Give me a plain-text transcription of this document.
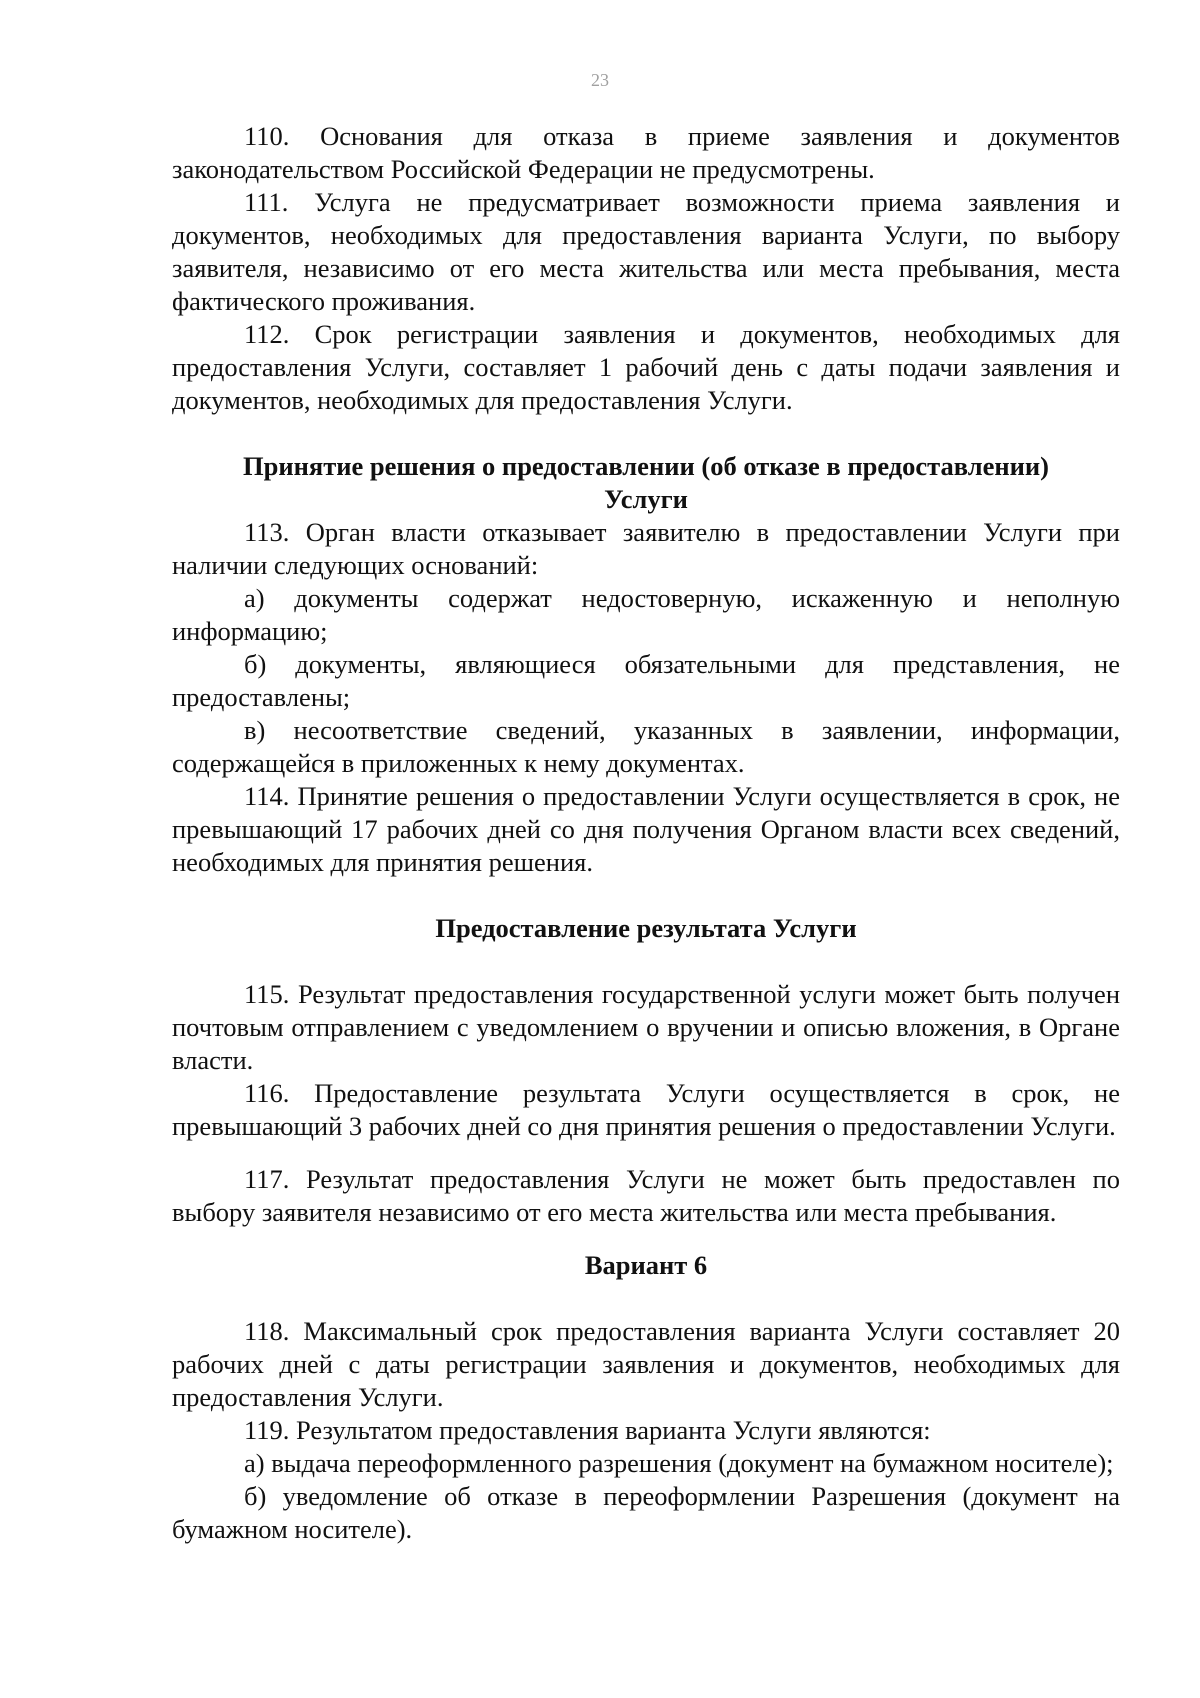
23

110. Основания для отказа в приеме заявления и документов законодательством Российской Федерации не предусмотрены.

111. Услуга не предусматривает возможности приема заявления и документов, необходимых для предоставления варианта Услуги, по выбору заявителя, независимо от его места жительства или места пребывания, места фактического проживания.

112. Срок регистрации заявления и документов, необходимых для предоставления Услуги, составляет 1 рабочий день с даты подачи заявления и документов, необходимых для предоставления Услуги.

Принятие решения о предоставлении (об отказе в предоставлении) Услуги

113. Орган власти отказывает заявителю в предоставлении Услуги при наличии следующих оснований:

а) документы содержат недостоверную, искаженную и неполную информацию;

б) документы, являющиеся обязательными для представления, не предоставлены;

в) несоответствие сведений, указанных в заявлении, информации, содержащейся в приложенных к нему документах.

114. Принятие решения о предоставлении Услуги осуществляется в срок, не превышающий 17 рабочих дней со дня получения Органом власти всех сведений, необходимых для принятия решения.

Предоставление результата Услуги

115. Результат предоставления государственной услуги может быть получен почтовым отправлением с уведомлением о вручении и описью вложения, в Органе власти.

116. Предоставление результата Услуги осуществляется в срок, не превышающий 3 рабочих дней со дня принятия решения о предоставлении Услуги.

117. Результат предоставления Услуги не может быть предоставлен по выбору заявителя независимо от его места жительства или места пребывания.

Вариант 6

118. Максимальный срок предоставления варианта Услуги составляет 20 рабочих дней с даты регистрации заявления и документов, необходимых для предоставления Услуги.

119. Результатом предоставления варианта Услуги являются:

а) выдача переоформленного разрешения (документ на бумажном носителе);

б) уведомление об отказе в переоформлении Разрешения (документ на бумажном носителе).
